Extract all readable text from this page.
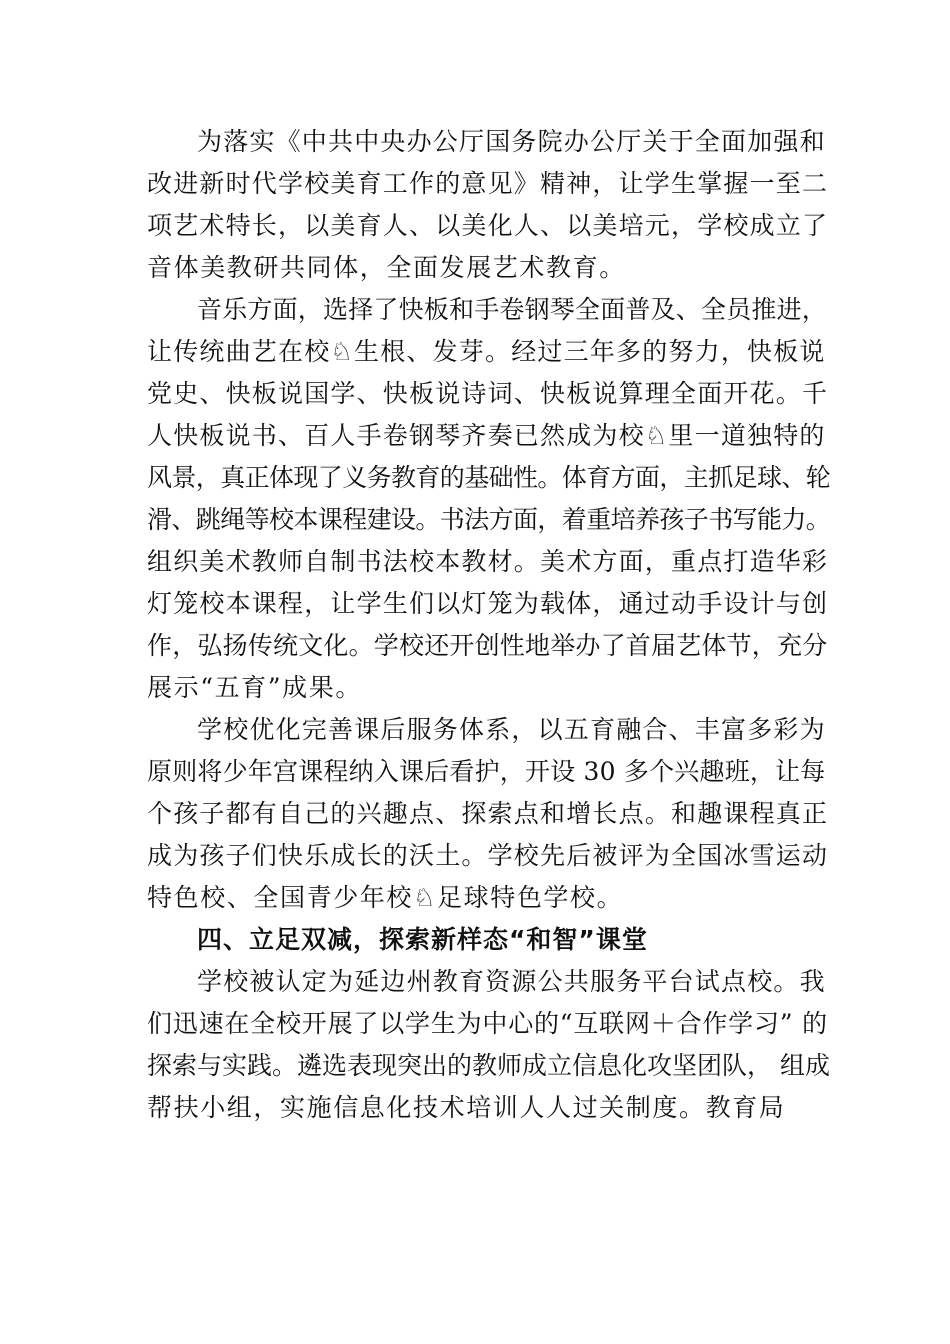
为落实《中共中央办公厅国务院办公厅关于全面加强和
改进新时代学校美育工作的意见》精神，让学生掌握一至二
项艺术特长，以美育人、以美化人、以美培元，学校成立了
音体美教研共同体，全面发展艺术教育。
音乐方面，选择了快板和手卷钢琴全面普及、全员推进，
让传统曲艺在校♘生根、发芽。经过三年多的努力，快板说
党史、快板说国学、快板说诗词、快板说算理全面开花。千
人快板说书、百人手卷钢琴齐奏已然成为校♘里一道独特的
风景，真正体现了义务教育的基础性。体育方面，主抓足球、轮
滑、跳绳等校本课程建设。书法方面，着重培养孩子书写能力。
组织美术教师自制书法校本教材。美术方面，重点打造华彩
灯笼校本课程，让学生们以灯笼为载体，通过动手设计与创
作，弘扬传统文化。学校还开创性地举办了首届艺体节，充分
展示“五育”成果。
学校优化完善课后服务体系，以五育融合、丰富多彩为
原则将少年宫课程纳入课后看护，开设 30 多个兴趣班，让每
个孩子都有自己的兴趣点、探索点和增长点。和趣课程真正
成为孩子们快乐成长的沃土。学校先后被评为全国冰雪运动
特色校、全国青少年校♘足球特色学校。
四、立足双减，探索新样态“和智”课堂
学校被认定为延边州教育资源公共服务平台试点校。我
们迅速在全校开展了以学生为中心的“互联网＋合作学习” 的
探索与实践。遴选表现突出的教师成立信息化攻坚团队， 组成
帮扶小组，实施信息化技术培训人人过关制度。教育局
